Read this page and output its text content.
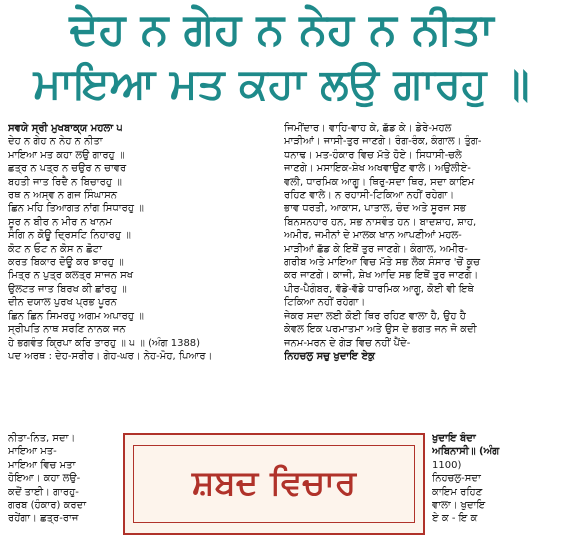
ਦੇਹ ਨ ਗੇਹ ਨ ਨੇਹ ਨ ਨੀਤਾ
ਮਾਇਆ ਮਤ ਕਹਾ ਲਉ ਗਾਰਹੁ ॥
ਸਵਯੇ ਸ੍ਰੀ ਮੁਖਬਾਕ੍ਯ ਮਹਲਾ ੫
ਦੇਹ ਨ ਗੇਹ ਨ ਨੇਹ ਨ ਨੀਤਾ
ਮਾਇਆ ਮਤ ਕਹਾ ਲਉ ਗਾਰਹੁ ॥
ਛਤ੍ਰ ਨ ਪਤ੍ਰ ਨ ਚਉਰ ਨ ਚਾਵਰ
ਬਹਤੀ ਜਾਤ ਰਿਦੈ ਨ ਬਿਚਾਰਹੁ ॥
ਰਥ ਨ ਅਸ੍ਵ ਨ ਗਜ ਸਿੰਘਾਸਨ
ਛਿਨ ਮਹਿ ਤਿਆਗਤ ਨਾਂਗ ਸਿਧਾਰਹੁ ॥
ਸੂਰ ਨ ਬੀਰ ਨ ਮੀਰ ਨ ਖਾਨਮ
ਸੰਗਿ ਨ ਕੋਊ ਦ੍ਰਿਸਟਿ ਨਿਹਾਰਹੁ ॥
ਕੋਟ ਨ ਓਟ ਨ ਕੋਸ ਨ ਛੋਟਾ
ਕਰਤ ਬਿਕਾਰ ਦੋਊ ਕਰ ਝਾਰਹੁ ॥
ਮਿਤ੍ਰ ਨ ਪੁਤ੍ਰ ਕਲਤ੍ਰ ਸਾਜਨ ਸਖ
ਉਲਟਤ ਜਾਤ ਬਿਰਖ ਕੀ ਛਾਂਰਹੁ ॥
ਦੀਨ ਦਯਾਲ ਪੁਰਖ ਪ੍ਰਭ ਪੂਰਨ
ਛਿਨ ਛਿਨ ਸਿਮਰਹੁ ਅਗਮ ਅਪਾਰਹੁ ॥
ਸ੍ਰੀਪਤਿ ਨਾਥ ਸਰਣਿ ਨਾਨਕ ਜਨ
ਹੇ ਭਗਵੰਤ ਕ੍ਰਿਪਾ ਕਰਿ ਤਾਰਹੁ ॥ ੫ ॥ (ਅੰਗ 1388)
ਪਦ ਅਰਥ : ਦੇਹ-ਸਰੀਰ। ਗੇਹ-ਘਰ। ਨੇਹ-ਮੋਹ, ਪਿਆਰ।
ਨੀਤਾ-ਨਿਤ, ਸਦਾ।
ਮਾਇਆ ਮਤ-
ਮਾਇਆ ਵਿਚ ਮਤਾ
ਹੋਇਆ। ਕਹਾ ਲਉ-
ਕਦੋਂ ਤਾਈ। ਗਾਰਹੁ-
ਗਰਬ (ਹੰਕਾਰ) ਕਰਦਾ
ਰਹੇਂਗਾ। ਛਤ੍ਰ-ਰਾਜ
ਜਿਮੀਂਦਾਰ। ਵਾਹਿ-ਵਾਹ ਕੇ, ਛੱਡ ਕੇ। ਡੇਰੇ-ਮਹਲ
ਮਾੜੀਆਂ। ਜਾਸੀ-ਤੁਰ ਜਾਣਗੇ। ਰੰਗ-ਰੰਕ, ਕੰਗਾਲ। ਤੁੰਗ-
ਧਨਾਢ। ਮਤ-ਹੰਕਾਰ ਵਿਚ ਮੱਤੇ ਹੋਏ। ਸਿਧਾਸੀ-ਚਲੇ
ਜਾਣਗੇ। ਮਸਾਇਕ-ਸ਼ੇਖ ਅਖਵਾਉਣ ਵਾਲੇ। ਅਉਲੀਏ-
ਵਲੀ, ਧਾਰਮਿਕ ਆਗੂ। ਥਿਰੁ-ਸਦਾ ਥਿਰ, ਸਦਾ ਕਾਇਮ
ਰਹਿਣ ਵਾਲੇ। ਨ ਰਹਾਸੀ-ਟਿਕਿਆ ਨਹੀਂ ਰਹੇਗਾ।
ਭਾਵ ਧਰਤੀ, ਆਕਾਸ, ਪਾਤਾਲ, ਚੰਦ ਅਤੇ ਸੂਰਜ ਸਭ
ਬਿਨਸਨਹਾਰ ਹਨ, ਸਭ ਨਾਸਵੰਤ ਹਨ। ਬਾਦਸ਼ਾਹ, ਸ਼ਾਹ,
ਅਮੀਰ, ਜਮੀਨਾਂ ਦੇ ਮਾਲਕ ਖਾਨ ਆਪਣੀਆਂ ਮਹਲ-
ਮਾੜੀਆਂ ਛੱਡ ਕੇ ਇਥੋਂ ਤੁਰ ਜਾਣਗੇ। ਕੰਗਾਲ, ਅਮੀਰ-
ਗਰੀਬ ਅਤੇ ਮਾਇਆ ਵਿਚ ਮੱਤੇ ਸਭ ਲੋਕ ਸੰਸਾਰ 'ਚੋਂ ਕੂਚ
ਕਰ ਜਾਣਗੇ। ਕਾਜੀ, ਸ਼ੇਖ ਆਦਿ ਸਭ ਇਥੋਂ ਤੁਰ ਜਾਣਗੇ।
ਪੀਰ-ਪੈਗੰਬਰ, ਵੱਡੇ-ਵੱਡੇ ਧਾਰਮਿਕ ਆਗੂ, ਕੋਈ ਵੀ ਇਥੇ
ਟਿਕਿਆ ਨਹੀਂ ਰਹੇਗਾ।
ਜੇਕਰ ਸਦਾ ਲਈ ਕੋਈ ਥਿਰ ਰਹਿਣ ਵਾਲਾ ਹੈ, ਉਹ ਹੈ
ਕੇਵਲ ਇਕ ਪਰਮਾਤਮਾ ਅਤੇ ਉਸ ਦੇ ਭਗਤ ਜਨ ਜੋ ਕਦੀ
ਜਨਮ-ਮਰਨ ਦੇ ਗੇੜ ਵਿਚ ਨਹੀਂ ਪੈਂਦੇ-
ਨਿਹਚਲੁ ਸਚੁ ਖੁਦਾਇ ਏਕੁ
ਖੁਦਾਇ ਬੰਦਾ
ਅਬਿਨਾਸੀ॥ (ਅੰਗ
1100)
ਨਿਹਚਲੁ-ਸਦਾ
ਕਾਇਮ ਰਹਿਣ
ਵਾਲਾ। ਖੁਦਾਇ
ਏ ਕ - ਇ ਕ
ਸ਼ਬਦ ਵਿਚਾਰ
